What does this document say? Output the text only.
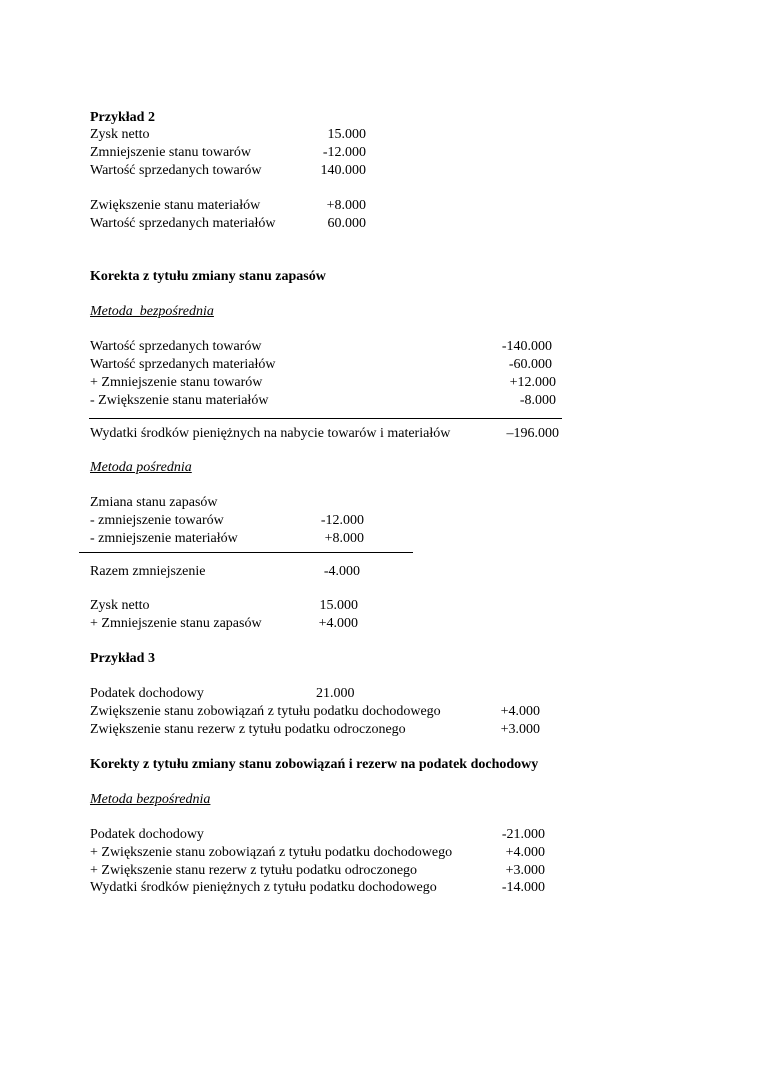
Przykład 2
Zysk netto	15.000
Zmniejszenie stanu towarów	-12.000
Wartość sprzedanych towarów	140.000
Zwiększenie stanu materiałów	+8.000
Wartość sprzedanych materiałów	60.000
Korekta z tytułu zmiany stanu zapasów
Metoda  bezpośrednia
Wartość sprzedanych towarów	-140.000
Wartość sprzedanych materiałów	-60.000
+ Zmniejszenie stanu towarów	+12.000
- Zwiększenie stanu materiałów	-8.000
Wydatki środków pieniężnych na nabycie towarów i materiałów	–196.000
Metoda pośrednia
Zmiana stanu zapasów
- zmniejszenie towarów	-12.000
- zmniejszenie materiałów	+8.000
Razem zmniejszenie	-4.000
Zysk netto	15.000
+ Zmniejszenie stanu zapasów	+4.000
Przykład 3
Podatek dochodowy	21.000
Zwiększenie stanu zobowiązań z tytułu podatku dochodowego	+4.000
Zwiększenie stanu rezerw z tytułu podatku odroczonego	+3.000
Korekty z tytułu zmiany stanu zobowiązań i rezerw na podatek dochodowy
Metoda bezpośrednia
Podatek dochodowy	-21.000
+ Zwiększenie stanu zobowiązań z tytułu podatku dochodowego	+4.000
+ Zwiększenie stanu rezerw z tytułu podatku odroczonego	+3.000
Wydatki środków pieniężnych z tytułu podatku dochodowego	-14.000
